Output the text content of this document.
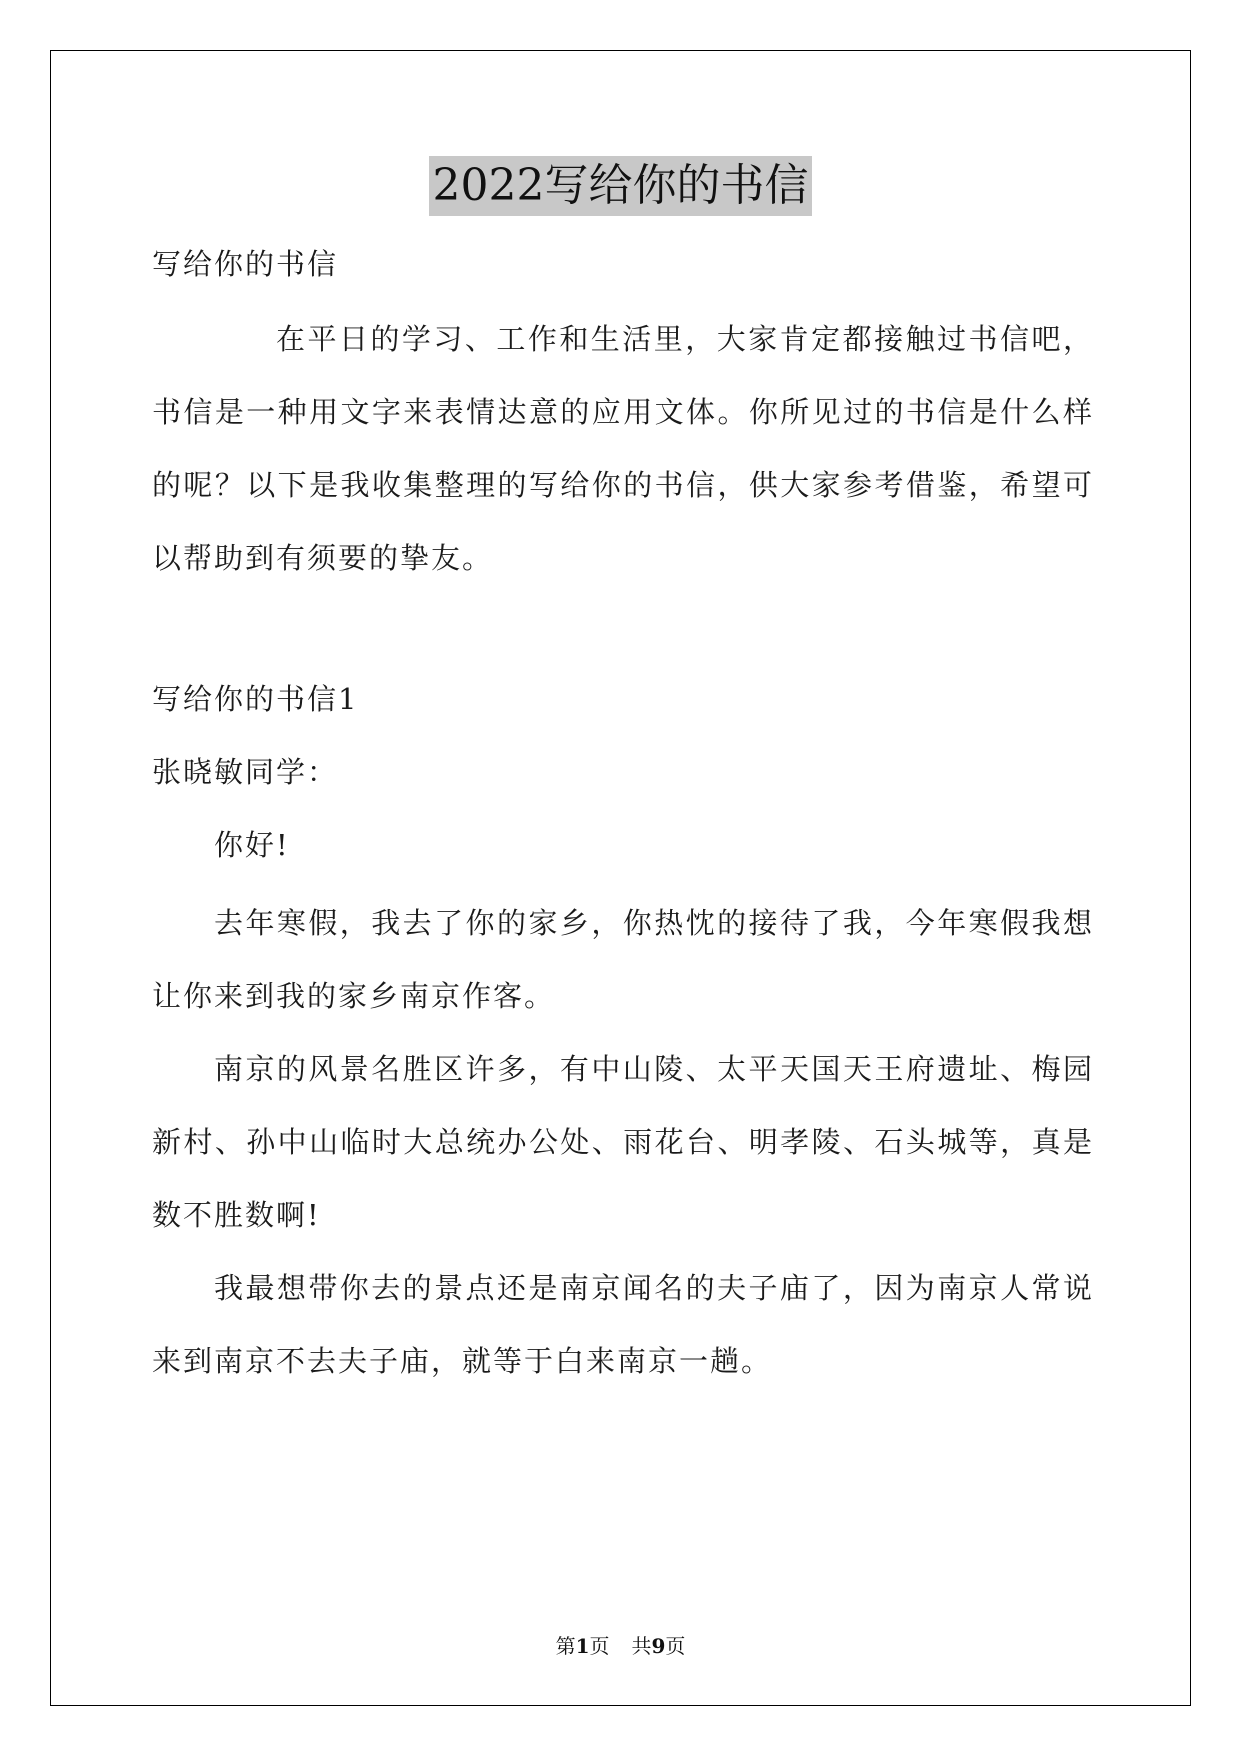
2022写给你的书信
写给你的书信
在平日的学习、工作和生活里，大家肯定都接触过书信吧，
书信是一种用文字来表情达意的应用文体。你所见过的书信是什么样
的呢？以下是我收集整理的写给你的书信，供大家参考借鉴，希望可
以帮助到有须要的挚友。
写给你的书信1
张晓敏同学：
你好!
去年寒假，我去了你的家乡，你热忱的接待了我，今年寒假我想
让你来到我的家乡南京作客。
南京的风景名胜区许多，有中山陵、太平天国天王府遗址、梅园
新村、孙中山临时大总统办公处、雨花台、明孝陵、石头城等，真是
数不胜数啊!
我最想带你去的景点还是南京闻名的夫子庙了，因为南京人常说
来到南京不去夫子庙，就等于白来南京一趟。
第1页 共9页
